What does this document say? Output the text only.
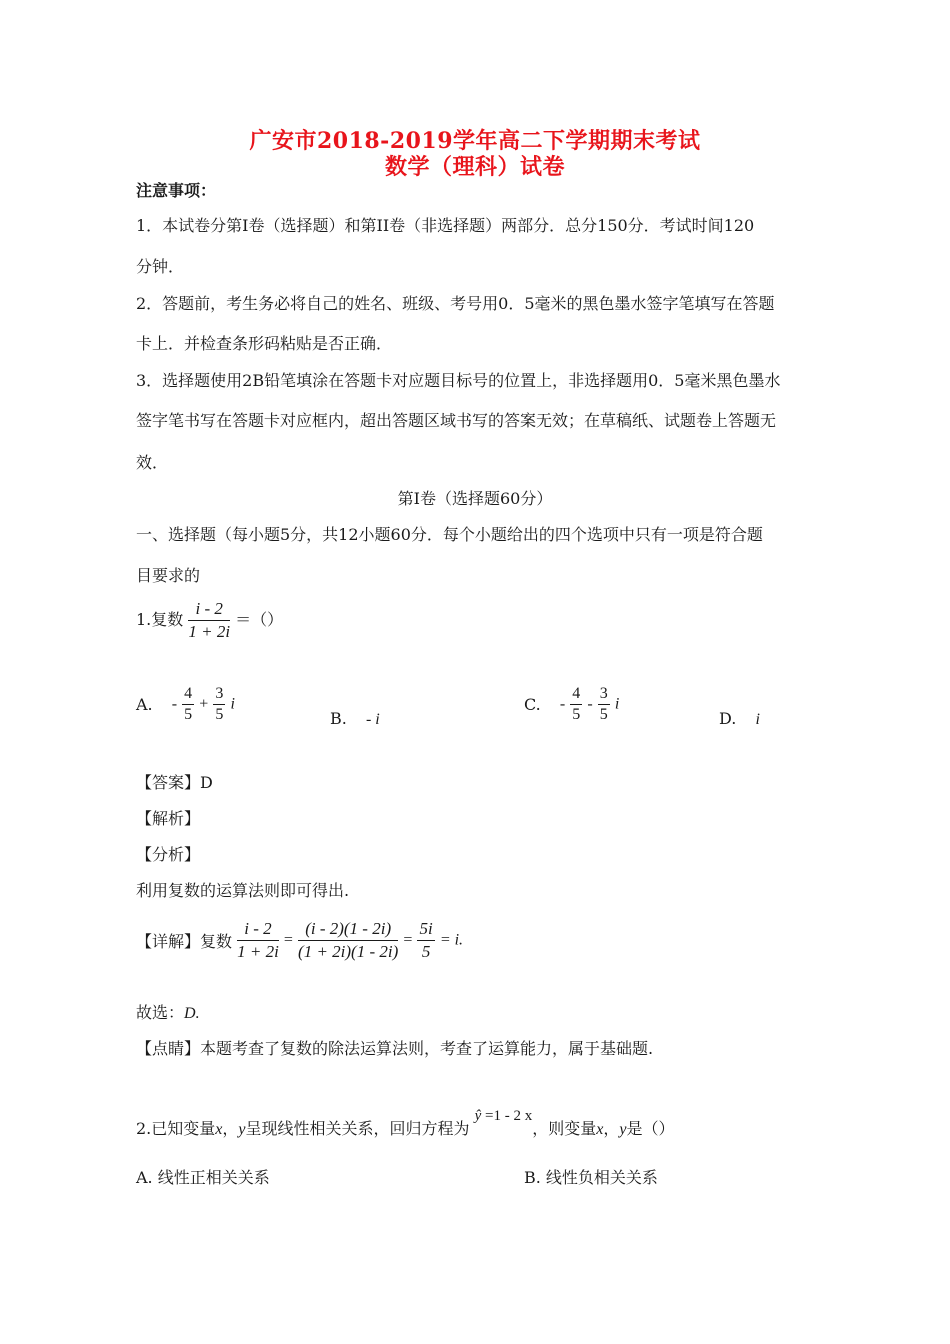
广安市2018-2019学年高二下学期期末考试
数学（理科）试卷
注意事项：
1．本试卷分第Ⅰ卷（选择题）和第II卷（非选择题）两部分．总分150分．考试时间120
分钟．
2．答题前，考生务必将自己的姓名、班级、考号用0．5毫米的黑色墨水签字笔填写在答题
卡上．并检查条形码粘贴是否正确．
3．选择题使用2B铅笔填涂在答题卡对应题目标号的位置上，非选择题用0．5毫米黑色墨水
签字笔书写在答题卡对应框内，超出答题区域书写的答案无效；在草稿纸、试题卷上答题无
效．
第Ⅰ卷（选择题60分）
一、选择题（每小题5分，共12小题60分．每个小题给出的四个选项中只有一项是符合题
目要求的
1.复数 $\frac{i - 2}{1 + 2i}$ ＝（）
A. - $\frac{4}{5} + \frac{3}{5}$ i
B. - i
C. - $\frac{4}{5} - \frac{3}{5}$ i
D. i
【答案】D
【解析】
【分析】
利用复数的运算法则即可得出.
【详解】复数 $\frac{i - 2}{1 + 2i} = \frac{(i - 2)(1 - 2i)}{(1 + 2i)(1 - 2i)} = \frac{5i}{5} = i$.
故选：D.
【点睛】本题考查了复数的除法运算法则，考查了运算能力，属于基础题.
2.已知变量x，y呈现线性相关关系，回归方程为 ŷ =1 - 2 x，则变量x，y是（）
A. 线性正相关关系	B. 线性负相关关系
